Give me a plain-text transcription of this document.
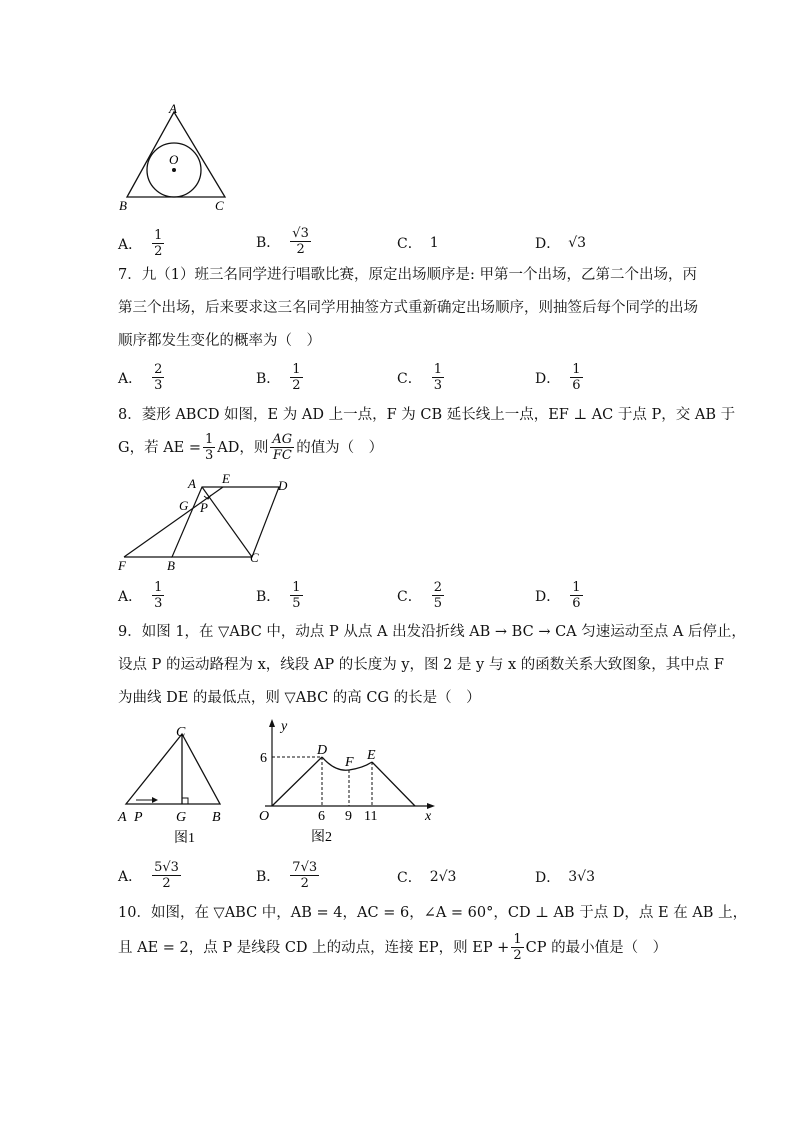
A
O
B	C
A． $\frac{1}{2}$	B． $\frac{√3}{2}$	C． 1	D． √3
7．九（1）班三名同学进行唱歌比赛，原定出场顺序是: 甲第一个出场，乙第二个出场，丙
第三个出场，后来要求这三名同学用抽签方式重新确定出场顺序，则抽签后每个同学的出场
顺序都发生变化的概率为（　）
A． $\frac{2}{3}$	B． $\frac{1}{2}$	C． $\frac{1}{3}$	D． $\frac{1}{6}$
8．菱形 ABCD 如图，E 为 AD 上一点，F 为 CB 延长线上一点，EF ⊥ AC 于点 P，交 AB 于
G，若 AE = $\frac{1}{3}$ AD，则 $\frac{AG}{FC}$ 的值为（　）
A E	D
G P
F	B
C
A． $\frac{1}{3}$	B． $\frac{1}{5}$	C． $\frac{2}{5}$	D． $\frac{1}{6}$
9．如图 1，在 ▽ABC 中，动点 P 从点 A 出发沿折线 AB → BC → CA 匀速运动至点 A 后停止，
设点 P 的运动路程为 x，线段 AP 的长度为 y，图 2 是 y 与 x 的函数关系大致图象，其中点 F
为曲线 DE 的最低点，则 ▽ABC 的高 CG 的长是（　）
C
A P G B
图1
y
6
D
F E
O	6 9 11	x
图2
A． $\frac{5√3}{2}$	B． $\frac{7√3}{2}$	C． 2√3	D． 3√3
10．如图，在 ▽ABC 中，AB = 4，AC = 6，∠A = 60°，CD ⊥ AB 于点 D，点 E 在 AB 上，
且 AE = 2，点 P 是线段 CD 上的动点，连接 EP，则 EP + $\frac{1}{2}$ CP 的最小值是（　）
